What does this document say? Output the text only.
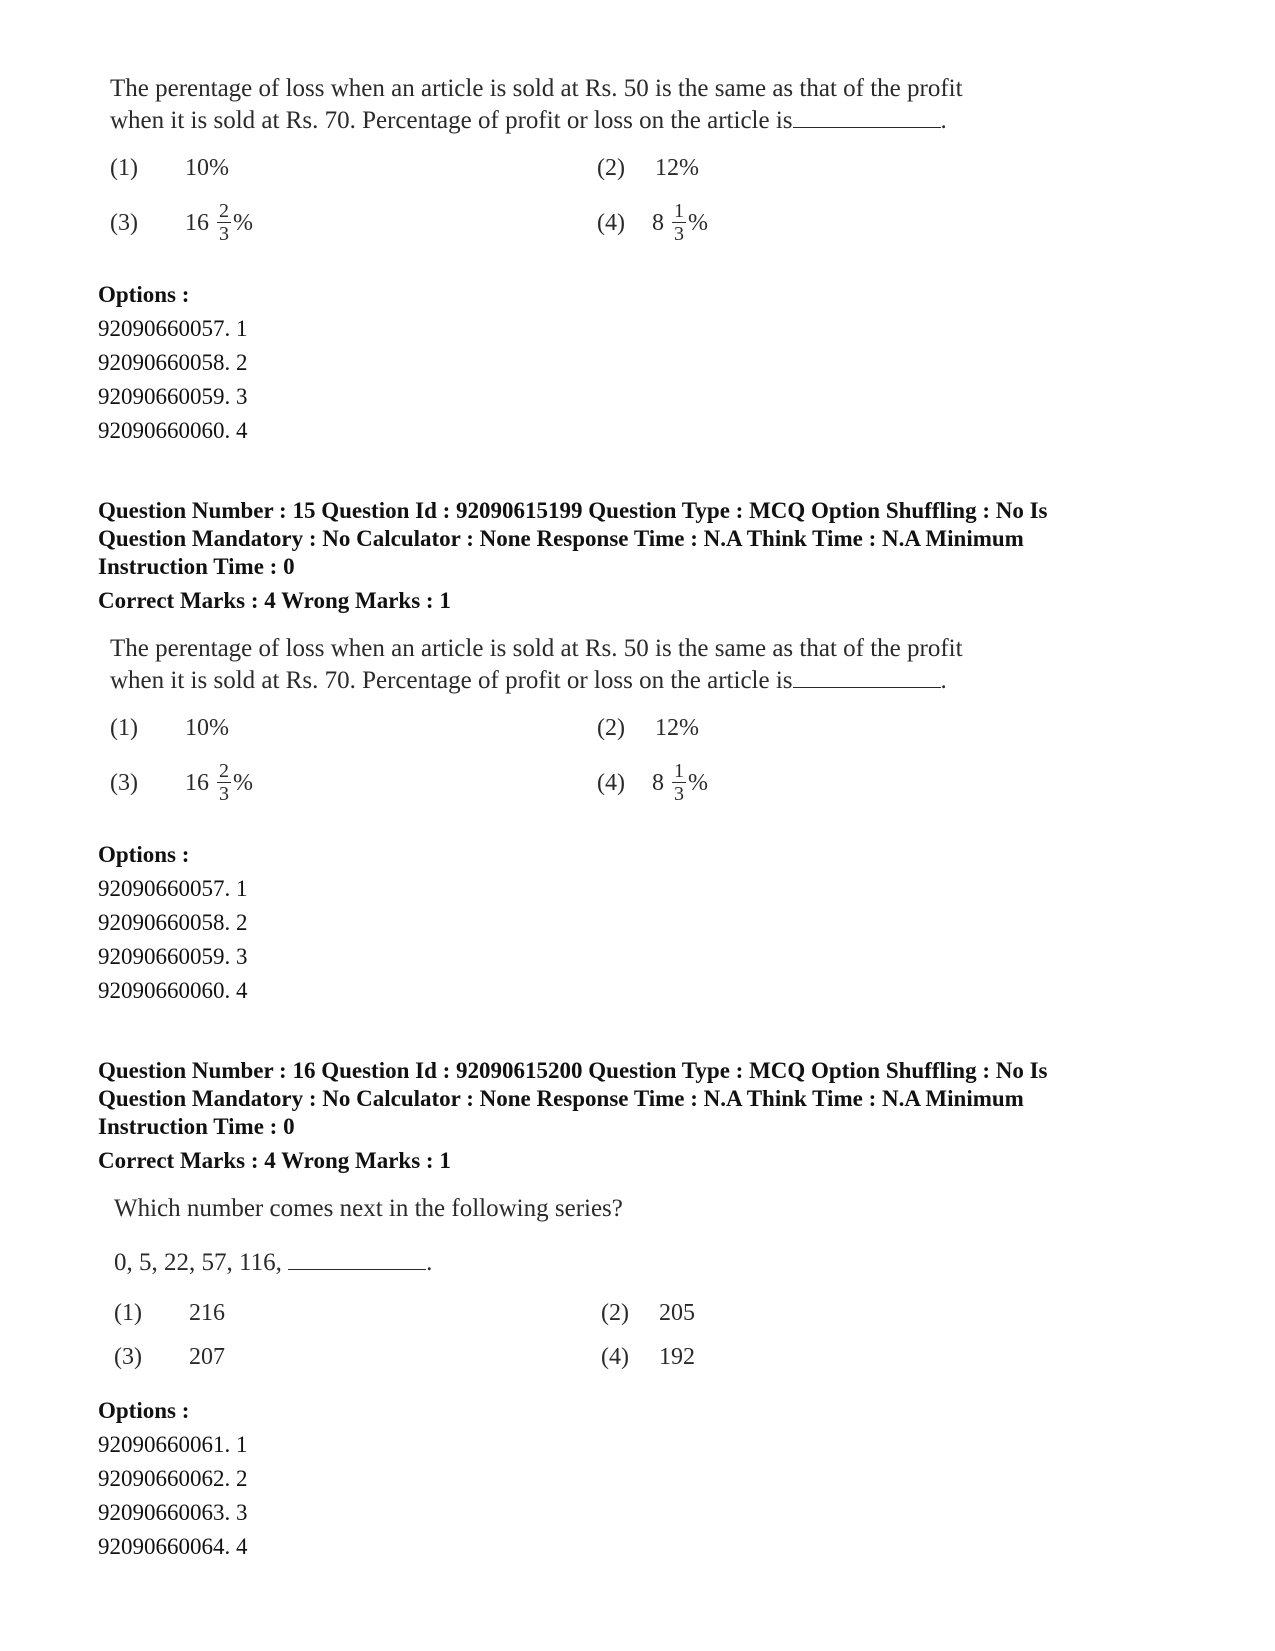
The perentage of loss when an article is sold at Rs. 50 is the same as that of the profit
when it is sold at Rs. 70. Percentage of profit or loss on the article is	.
(1) 10%	(2) 12%
(3) $16 \frac{2}{3}$ %	(4) $8 \frac{1}{3}$ %
Options :
92090660057. 1
92090660058. 2
92090660059. 3
92090660060. 4
Question Number : 15 Question Id : 92090615199 Question Type : MCQ Option Shuffling : No Is
Question Mandatory : No Calculator : None Response Time : N.A Think Time : N.A Minimum
Instruction Time : 0
Correct Marks : 4 Wrong Marks : 1
The perentage of loss when an article is sold at Rs. 50 is the same as that of the profit
when it is sold at Rs. 70. Percentage of profit or loss on the article is	.
(1) 10%	(2) 12%
(3) $16 \frac{2}{3}$ %	(4) $8 \frac{1}{3}$ %
Options :
92090660057. 1
92090660058. 2
92090660059. 3
92090660060. 4
Question Number : 16 Question Id : 92090615200 Question Type : MCQ Option Shuffling : No Is
Question Mandatory : No Calculator : None Response Time : N.A Think Time : N.A Minimum
Instruction Time : 0
Correct Marks : 4 Wrong Marks : 1
Which number comes next in the following series?
0, 5, 22, 57, 116,	.
(1) 216	(2) 205
(3) 207	(4) 192
Options :
92090660061. 1
92090660062. 2
92090660063. 3
92090660064. 4
